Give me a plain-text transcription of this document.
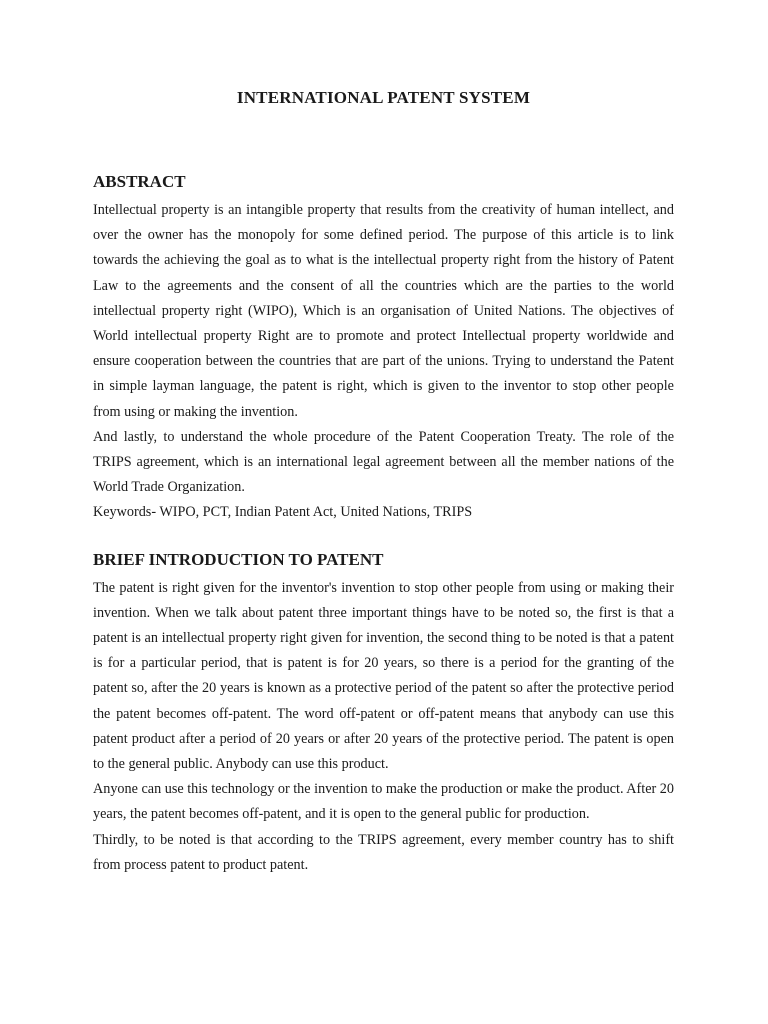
INTERNATIONAL PATENT SYSTEM
ABSTRACT

Intellectual property is an intangible property that results from the creativity of human intellect, and over the owner has the monopoly for some defined period. The purpose of this article is to link towards the achieving the goal as to what is the intellectual property right from the history of Patent Law to the agreements and the consent of all the countries which are the parties to the world intellectual property right (WIPO), Which is an organisation of United Nations. The objectives of World intellectual property Right are to promote and protect Intellectual property worldwide and ensure cooperation between the countries that are part of the unions. Trying to understand the Patent in simple layman language, the patent is right, which is given to the inventor to stop other people from using or making the invention.

And lastly, to understand the whole procedure of the Patent Cooperation Treaty. The role of the TRIPS agreement, which is an international legal agreement between all the member nations of the World Trade Organization.

Keywords- WIPO, PCT, Indian Patent Act, United Nations, TRIPS

BRIEF INTRODUCTION TO PATENT

The patent is right given for the inventor's invention to stop other people from using or making their invention. When we talk about patent three important things have to be noted so, the first is that a patent is an intellectual property right given for invention, the second thing to be noted is that a patent is for a particular period, that is patent is for 20 years, so there is a period for the granting of the patent so, after the 20 years is known as a protective period of the patent so after the protective period the patent becomes off-patent. The word off-patent or off-patent means that anybody can use this patent product after a period of 20 years or after 20 years of the protective period. The patent is open to the general public. Anybody can use this product.

Anyone can use this technology or the invention to make the production or make the product. After 20 years, the patent becomes off-patent, and it is open to the general public for production.

Thirdly, to be noted is that according to the TRIPS agreement, every member country has to shift from process patent to product patent.
